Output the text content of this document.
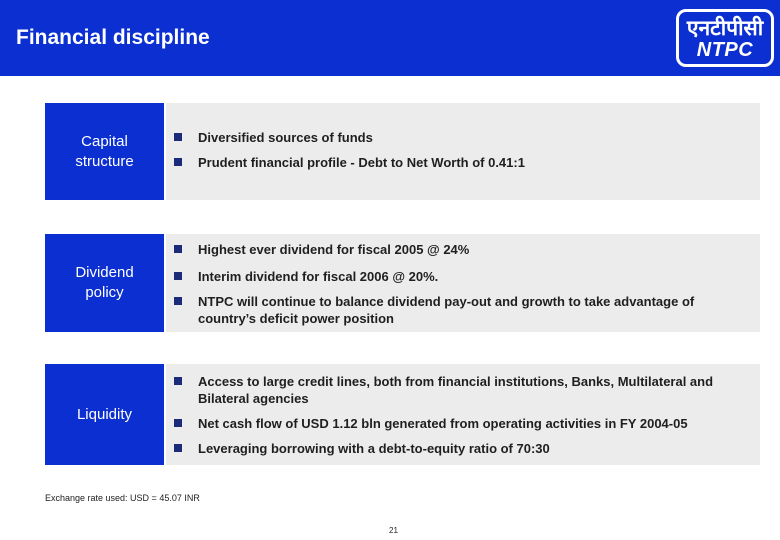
Financial discipline	एनटीपीसी
NTPC
Capital structure
Diversified sources of funds
Prudent financial profile - Debt to Net Worth of 0.41:1
Dividend policy
Highest ever dividend for fiscal 2005 @ 24%
Interim dividend for fiscal 2006 @ 20%.
NTPC will continue to balance dividend pay-out and growth to take advantage of country’s deficit power position
Liquidity
Access to large credit lines, both from financial institutions, Banks, Multilateral and Bilateral agencies
Net cash flow of USD 1.12 bln generated from operating activities in FY 2004-05
Leveraging borrowing with a debt-to-equity ratio of 70:30
Exchange rate used: USD = 45.07 INR
21
